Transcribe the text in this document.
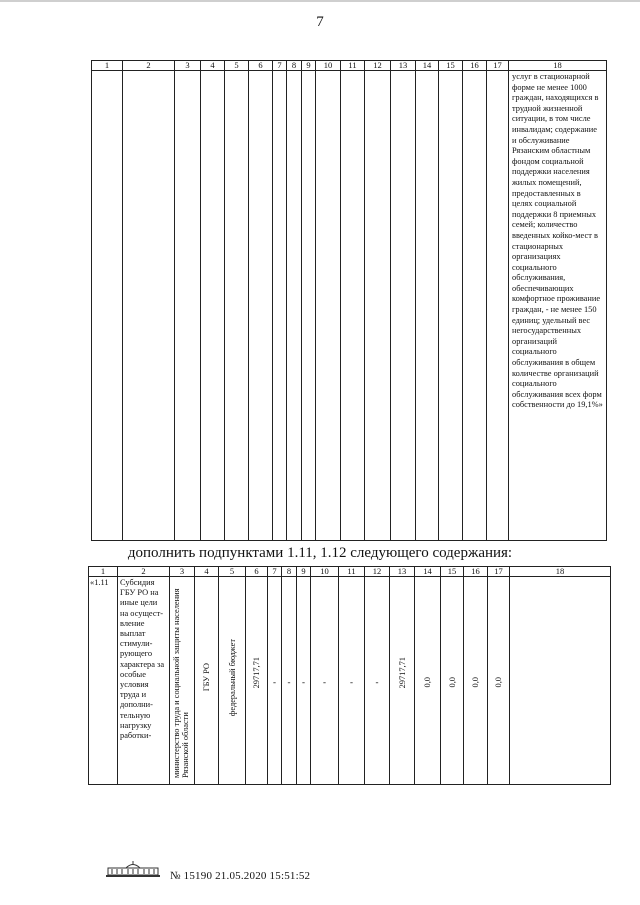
7
1	2	3	4	5	6	7	8	9	10	11	12	13	14	15	16	17	18
																	услуг в стационарной форме не менее 1000 граждан, находящихся в трудной жизненной ситуации, в том числе инвалидам; содержание и обслуживание Рязанским областным фондом социальной поддержки населения жилых помещений, предоставленных в целях социальной поддержки 8 приемных семей; количество введенных койко-мест в стационарных организациях социального обслуживания, обеспечивающих комфортное проживание граждан, - не менее 150 единиц; удельный вес негосударственных организаций социального обслуживания в общем количестве организаций социального обслуживания всех форм собственности до 19,1%»
дополнить подпунктами 1.11, 1.12 следующего содержания:
1	2	3	4	5	6	7	8	9	10	11	12	13	14	15	16	17	18
«1.11	Субсидия ГБУ РО на иные цели на осущест-вление выплат стимули-рующего характера за особые условия труда и дополни-тельную нагрузку работки-	министерство труда и социальной защиты населения Рязанской области	ГБУ РО	федеральный бюджет	29717,71	-	-	-	-	-	-	29717,71	0,0	0,0	0,0	0,0	

№ 15190 21.05.2020 15:51:52
